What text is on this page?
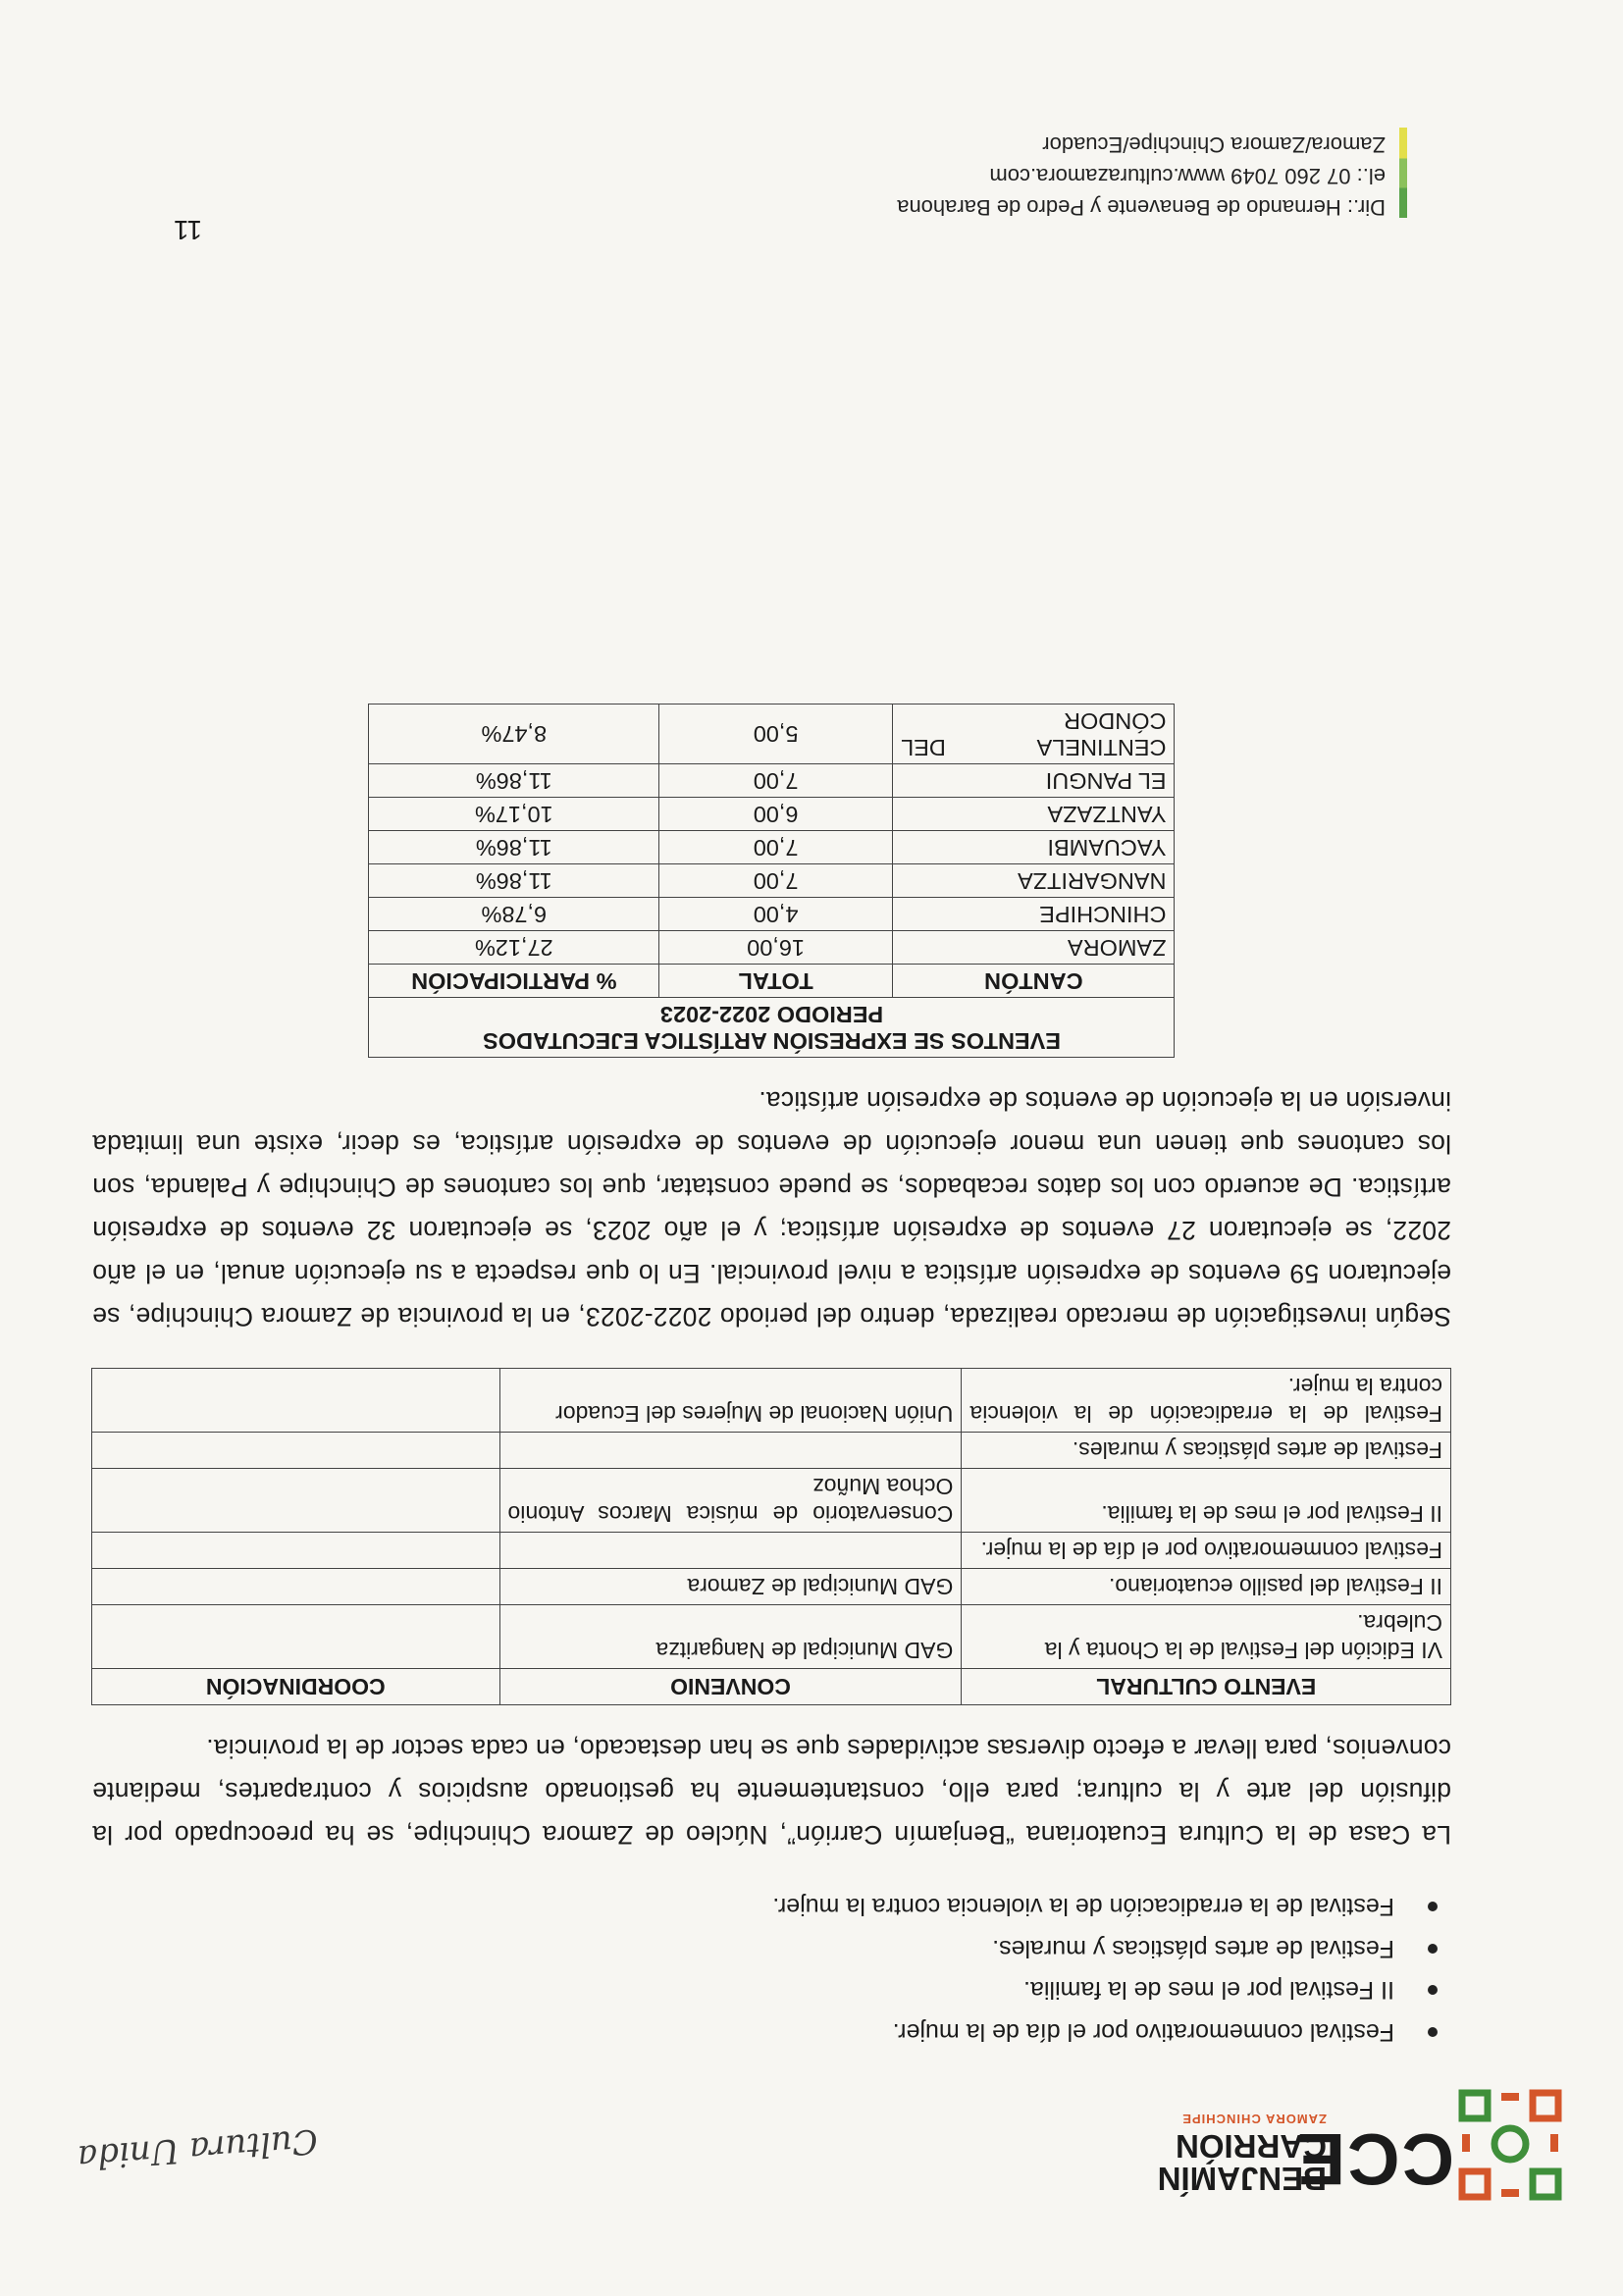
CCE
BENJAMÍN
CARRIÓN
ZAMORA CHINCHIPE
Cultura Unida
Festival conmemorativo por el día de la mujer.
II Festival por el mes de la familia.
Festival de artes plásticas y murales.
Festival de la erradicación de la violencia contra la mujer.

La Casa de la Cultura Ecuatoriana “Benjamín Carrión”, Núcleo de Zamora Chinchipe, se ha preocupado por la difusión del arte y la cultura; para ello, constantemente ha gestionado auspicios y contrapartes, mediante convenios, para llevar a efecto diversas actividades que se han destacado, en cada sector de la provincia.

EVENTO CULTURAL	CONVENIO	COORDINACIÓN
VI Edición del Festival de la Chonta y la Culebra.	GAD Municipal de Nangaritza	
II Festival del pasillo ecuatoriano.	GAD Municipal de Zamora	
Festival conmemorativo por el día de la mujer.		
II Festival por el mes de la familia.	Conservatorio de música Marcos Antonio Ochoa Muñoz	
Festival de artes plásticas y murales.		
Festival de la erradicación de la violencia contra la mujer.	Unión Nacional de Mujeres del Ecuador	

Según investigación de mercado realizada, dentro del periodo 2022-2023, en la provincia de Zamora Chinchipe, se ejecutaron 59 eventos de expresión artística a nivel provincial. En lo que respecta a su ejecución anual, en el año 2022, se ejecutaron 27 eventos de expresión artística; y el año 2023, se ejecutaron 32 eventos de expresión artística. De acuerdo con los datos recabados, se puede constatar, que los cantones de Chinchipe y Palanda, son los cantones que tienen una menor ejecución de eventos de expresión artística, es decir, existe una limitada inversión en la ejecución de eventos de expresión artística.

EVENTOS SE EXPRESIÓN ARTÍSTICA EJECUTADOS
PERIODO 2022-2023		

CANTÓN	TOTAL	% PARTICIPACIÓN
ZAMORA	16,00	27,12%
CHINCHIPE	4,00	6,78%
NANGARITZA	7,00	11,86%
YACUAMBI	7,00	11,86%
YANTZAZA	6,00	10,17%
EL PANGUI	7,00	11,86%
CENTINELA DEL CÓNDOR	5,00	8,47%
11
Dir.: Hernando de Benavente y Pedro de Barahona
el.: 07 260 7049 www.culturazamora.com
Zamora/Zamora Chinchipe/Ecuador
